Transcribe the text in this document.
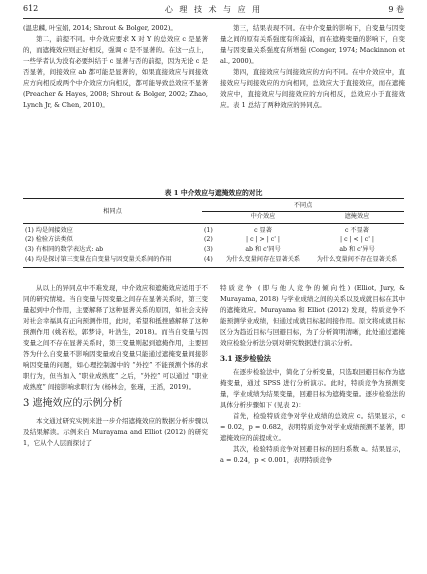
612	心 理 技 术 与 应 用	9 卷

(温忠麟, 叶宝娟, 2014; Shrout & Bolger, 2002)。

第二，前提不同。中介效应要求 X 对 Y 的总效应 c 是显著的，而遮掩效应则正好相反，强调 c 是不显著的。在这一点上，一些学者认为没有必要纠结于 c 显著与否的前提，因为无论 c 是否显著，间接效应 ab 都可能是显著的，如果直接效应与间接效应方向相反或两个中介效应方向相反，都可能导致总效应不显著 (Preacher & Hayes, 2008; Shrout & Bolger, 2002; Zhao, Lynch Jr, & Chen, 2010)。

第三，结果表现不同。在中介变量的影响下，自变量与因变量之间的原有关系强度有所减弱，而在遮掩变量的影响下，自变量与因变量关系强度有所增强 (Conger, 1974; Mackinnon et al., 2000)。

第四，直接效应与间接效应的方向不同。在中介效应中，直接效应与间接效应的方向相同，总效应大于直接效应，而在遮掩效应中，直接效应与间接效应的方向相反，总效应小于直接效应。表 1 总结了两种效应的异同点。

表 1 中介效应与遮掩效应的对比
相同点	不同点		
		中介效应	遮掩效应
(1) 均是间接效应	(1)	c 显著	c 不显著
(2) 检验方法类似	(2)	| c | > | c' |	| c | < | c' |
(3) 有相同的数学表达式: ab	(3)	ab 和 c'同号	ab 和 c'异号
(4) 均是探讨第三变量在自变量与因变量关系间的作用	(4)	为什么变量间存在显著关系	为什么变量间不存在显著关系

从以上的异同点中不难发现，中介效应和遮掩效应适用于不同的研究情境。当自变量与因变量之间存在显著关系时，第三变量起到中介作用，主要解释了这种显著关系的原因，如社会支持对社会幸福具有正向预测作用，此时，希望和抵挫感解释了这种预测作用 (姚若松，郭梦诗，叶浩生，2018)。而当自变量与因变量之间不存在显著关系时，第三变量则起到遮掩作用，主要回答为什么自变量不影响因变量或自变量只能通过遮掩变量间接影响因变量的问题，如心理控制源中的 “外控” 不能预测个体的求职行为，但当加入 “职业成熟度” 之后，“外控” 可以通过 “职业成熟度” 间接影响求职行为 (杨林会，张瑾，王滔，2019)。

3 遮掩效应的示例分析

本文通过研究实例来进一步介绍遮掩效应的数据分析步骤以及结果解读。示例来自 Murayama and Elliot (2012) 的研究 1，它从个人层面探讨了

特质竞争 (即与他人竞争的倾向性) (Elliot, Jury, & Murayama, 2018) 与学业成绩之间的关系以及成就目标在其中的遮掩效应。Murayama 和 Elliot (2012) 发现，特质竞争不能预测学业成绩，但通过成就目标起间接作用。原文将成就目标区分为趋近目标与回避目标，为了分析简明清晰，此处通过遮掩效应检验分析法分别对研究数据进行演示分析。

3.1 逐步检验法

在逐步检验法中，简化了分析变量，只选取回避目标作为遮掩变量，通过 SPSS 进行分析演示。此时，特质竞争为预测变量，学业成绩为结果变量，回避目标为遮掩变量。逐步检验法的具体分析步骤如下 (见表 2)：

首先，检验特质竞争对学业成绩的总效应 c。结果显示，c = 0.02，p = 0.682，表明特质竞争对学业成绩预测不显著，即遮掩效应的前提成立。

其次，检验特质竞争对回避目标的回归系数 a。结果显示，a = 0.24，p < 0.001，表明特质竞争
